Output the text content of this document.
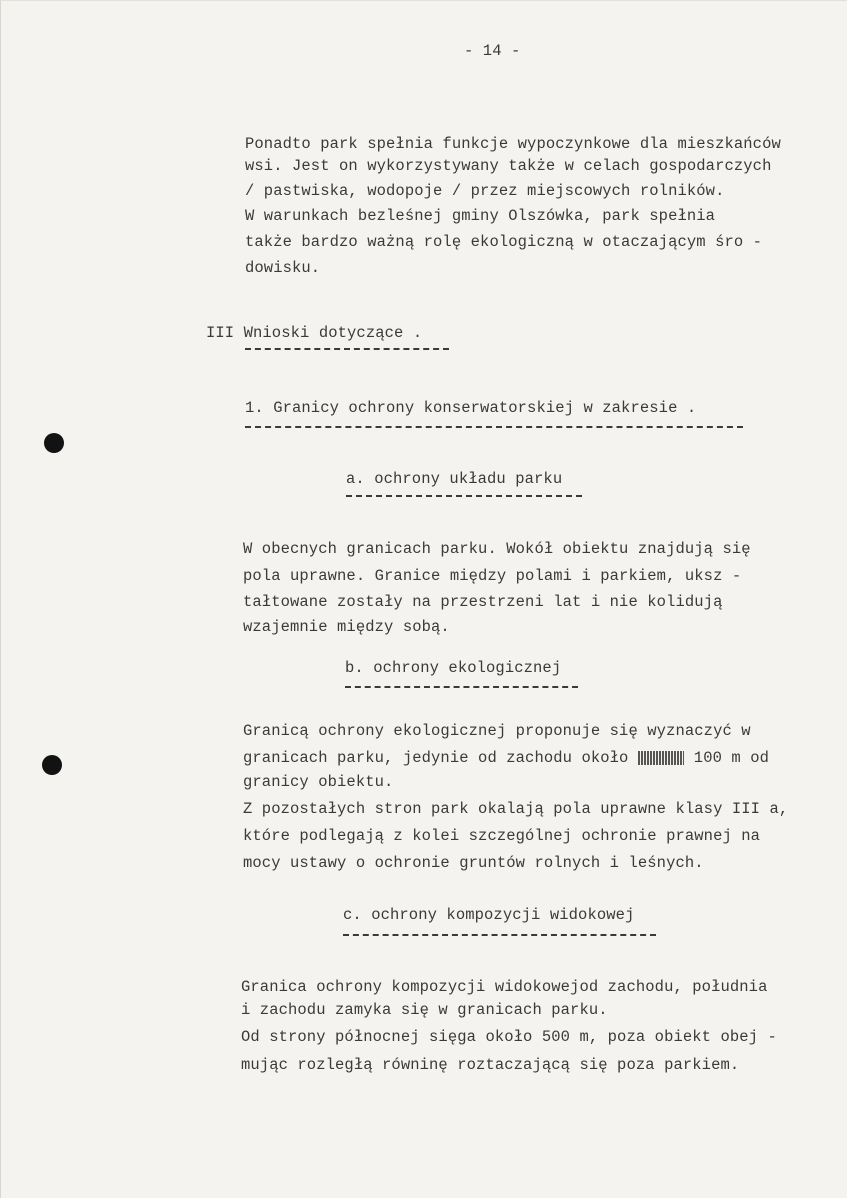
- 14 -
Ponadto park spełnia funkcje wypoczynkowe dla mieszkańców
wsi. Jest on wykorzystywany także w celach gospodarczych
/ pastwiska, wodopoje / przez miejscowych rolników.
W warunkach bezleśnej gminy Olszówka, park spełnia
także bardzo ważną rolę ekologiczną w otaczającym śro -
dowisku.
III Wnioski dotyczące .
1. Granicy ochrony konserwatorskiej w zakresie .
a. ochrony układu parku
W obecnych granicach parku. Wokół obiektu znajdują się
pola uprawne. Granice między polami i parkiem, uksz -
tałtowane zostały na przestrzeni lat i nie kolidują
wzajemnie między sobą.
b. ochrony ekologicznej
Granicą ochrony ekologicznej proponuje się wyznaczyć w
granicach parku, jedynie od zachodu około	100 m od
granicy obiektu.
Z pozostałych stron park okalają pola uprawne klasy III a,
które podlegają z kolei szczególnej ochronie prawnej na
mocy ustawy o ochronie gruntów rolnych i leśnych.
c. ochrony kompozycji widokowej
Granica ochrony kompozycji widokowejod zachodu, południa
i zachodu zamyka się w granicach parku.
Od strony północnej sięga około 500 m, poza obiekt obej -
mując rozległą równinę roztaczającą się poza parkiem.
